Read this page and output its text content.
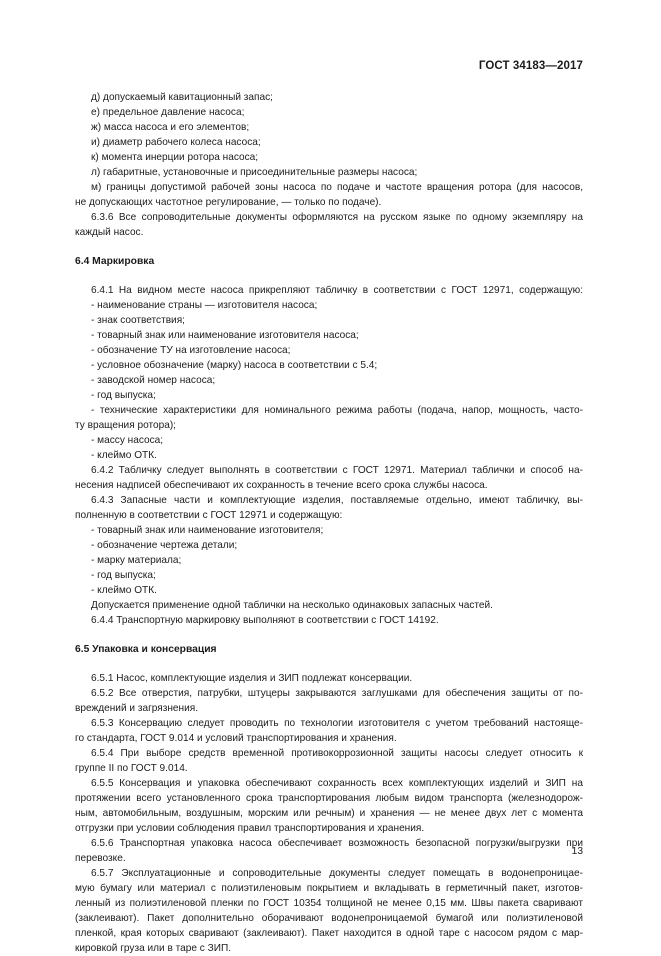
ГОСТ 34183—2017
д) допускаемый кавитационный запас;
е) предельное давление насоса;
ж) масса насоса и его элементов;
и) диаметр рабочего колеса насоса;
к) момента инерции ротора насоса;
л) габаритные, установочные и присоединительные размеры насоса;
м) границы допустимой рабочей зоны насоса по подаче и частоте вращения ротора (для насосов,
не допускающих частотное регулирование, — только по подаче).
6.3.6 Все сопроводительные документы оформляются на русском языке по одному экземпляру на
каждый насос.
6.4 Маркировка
6.4.1 На видном месте насоса прикрепляют табличку в соответствии с ГОСТ 12971, содержащую:
- наименование страны — изготовителя насоса;
- знак соответствия;
- товарный знак или наименование изготовителя насоса;
- обозначение ТУ на изготовление насоса;
- условное обозначение (марку) насоса в соответствии с 5.4;
- заводской номер насоса;
- год выпуска;
- технические характеристики для номинального режима работы (подача, напор, мощность, часто-
ту вращения ротора);
- массу насоса;
- клеймо ОТК.
6.4.2 Табличку следует выполнять в соответствии с ГОСТ 12971. Материал таблички и способ на-
несения надписей обеспечивают их сохранность в течение всего срока службы насоса.
6.4.3 Запасные части и комплектующие изделия, поставляемые отдельно, имеют табличку, вы-
полненную в соответствии с ГОСТ 12971 и содержащую:
- товарный знак или наименование изготовителя;
- обозначение чертежа детали;
- марку материала;
- год выпуска;
- клеймо ОТК.
Допускается применение одной таблички на несколько одинаковых запасных частей.
6.4.4 Транспортную маркировку выполняют в соответствии с ГОСТ 14192.
6.5 Упаковка и консервация
6.5.1 Насос, комплектующие изделия и ЗИП подлежат консервации.
6.5.2 Все отверстия, патрубки, штуцеры закрываются заглушками для обеспечения защиты от по-
вреждений и загрязнения.
6.5.3 Консервацию следует проводить по технологии изготовителя с учетом требований настояще-
го стандарта, ГОСТ 9.014 и условий транспортирования и хранения.
6.5.4 При выборе средств временной противокоррозионной защиты насосы следует относить к
группе II по ГОСТ 9.014.
6.5.5 Консервация и упаковка обеспечивают сохранность всех комплектующих изделий и ЗИП на
протяжении всего установленного срока транспортирования любым видом транспорта (железнодорож-
ным, автомобильным, воздушным, морским или речным) и хранения — не менее двух лет с момента
отгрузки при условии соблюдения правил транспортирования и хранения.
6.5.6 Транспортная упаковка насоса обеспечивает возможность безопасной погрузки/выгрузки при
перевозке.
6.5.7 Эксплуатационные и сопроводительные документы следует помещать в водонепроницае-
мую бумагу или материал с полиэтиленовым покрытием и вкладывать в герметичный пакет, изготов-
ленный из полиэтиленовой пленки по ГОСТ 10354 толщиной не менее 0,15 мм. Швы пакета сваривают
(заклеивают). Пакет дополнительно оборачивают водонепроницаемой бумагой или полиэтиленовой
пленкой, края которых сваривают (заклеивают). Пакет находится в одной таре с насосом рядом с мар-
кировкой груза или в таре с ЗИП.
13
